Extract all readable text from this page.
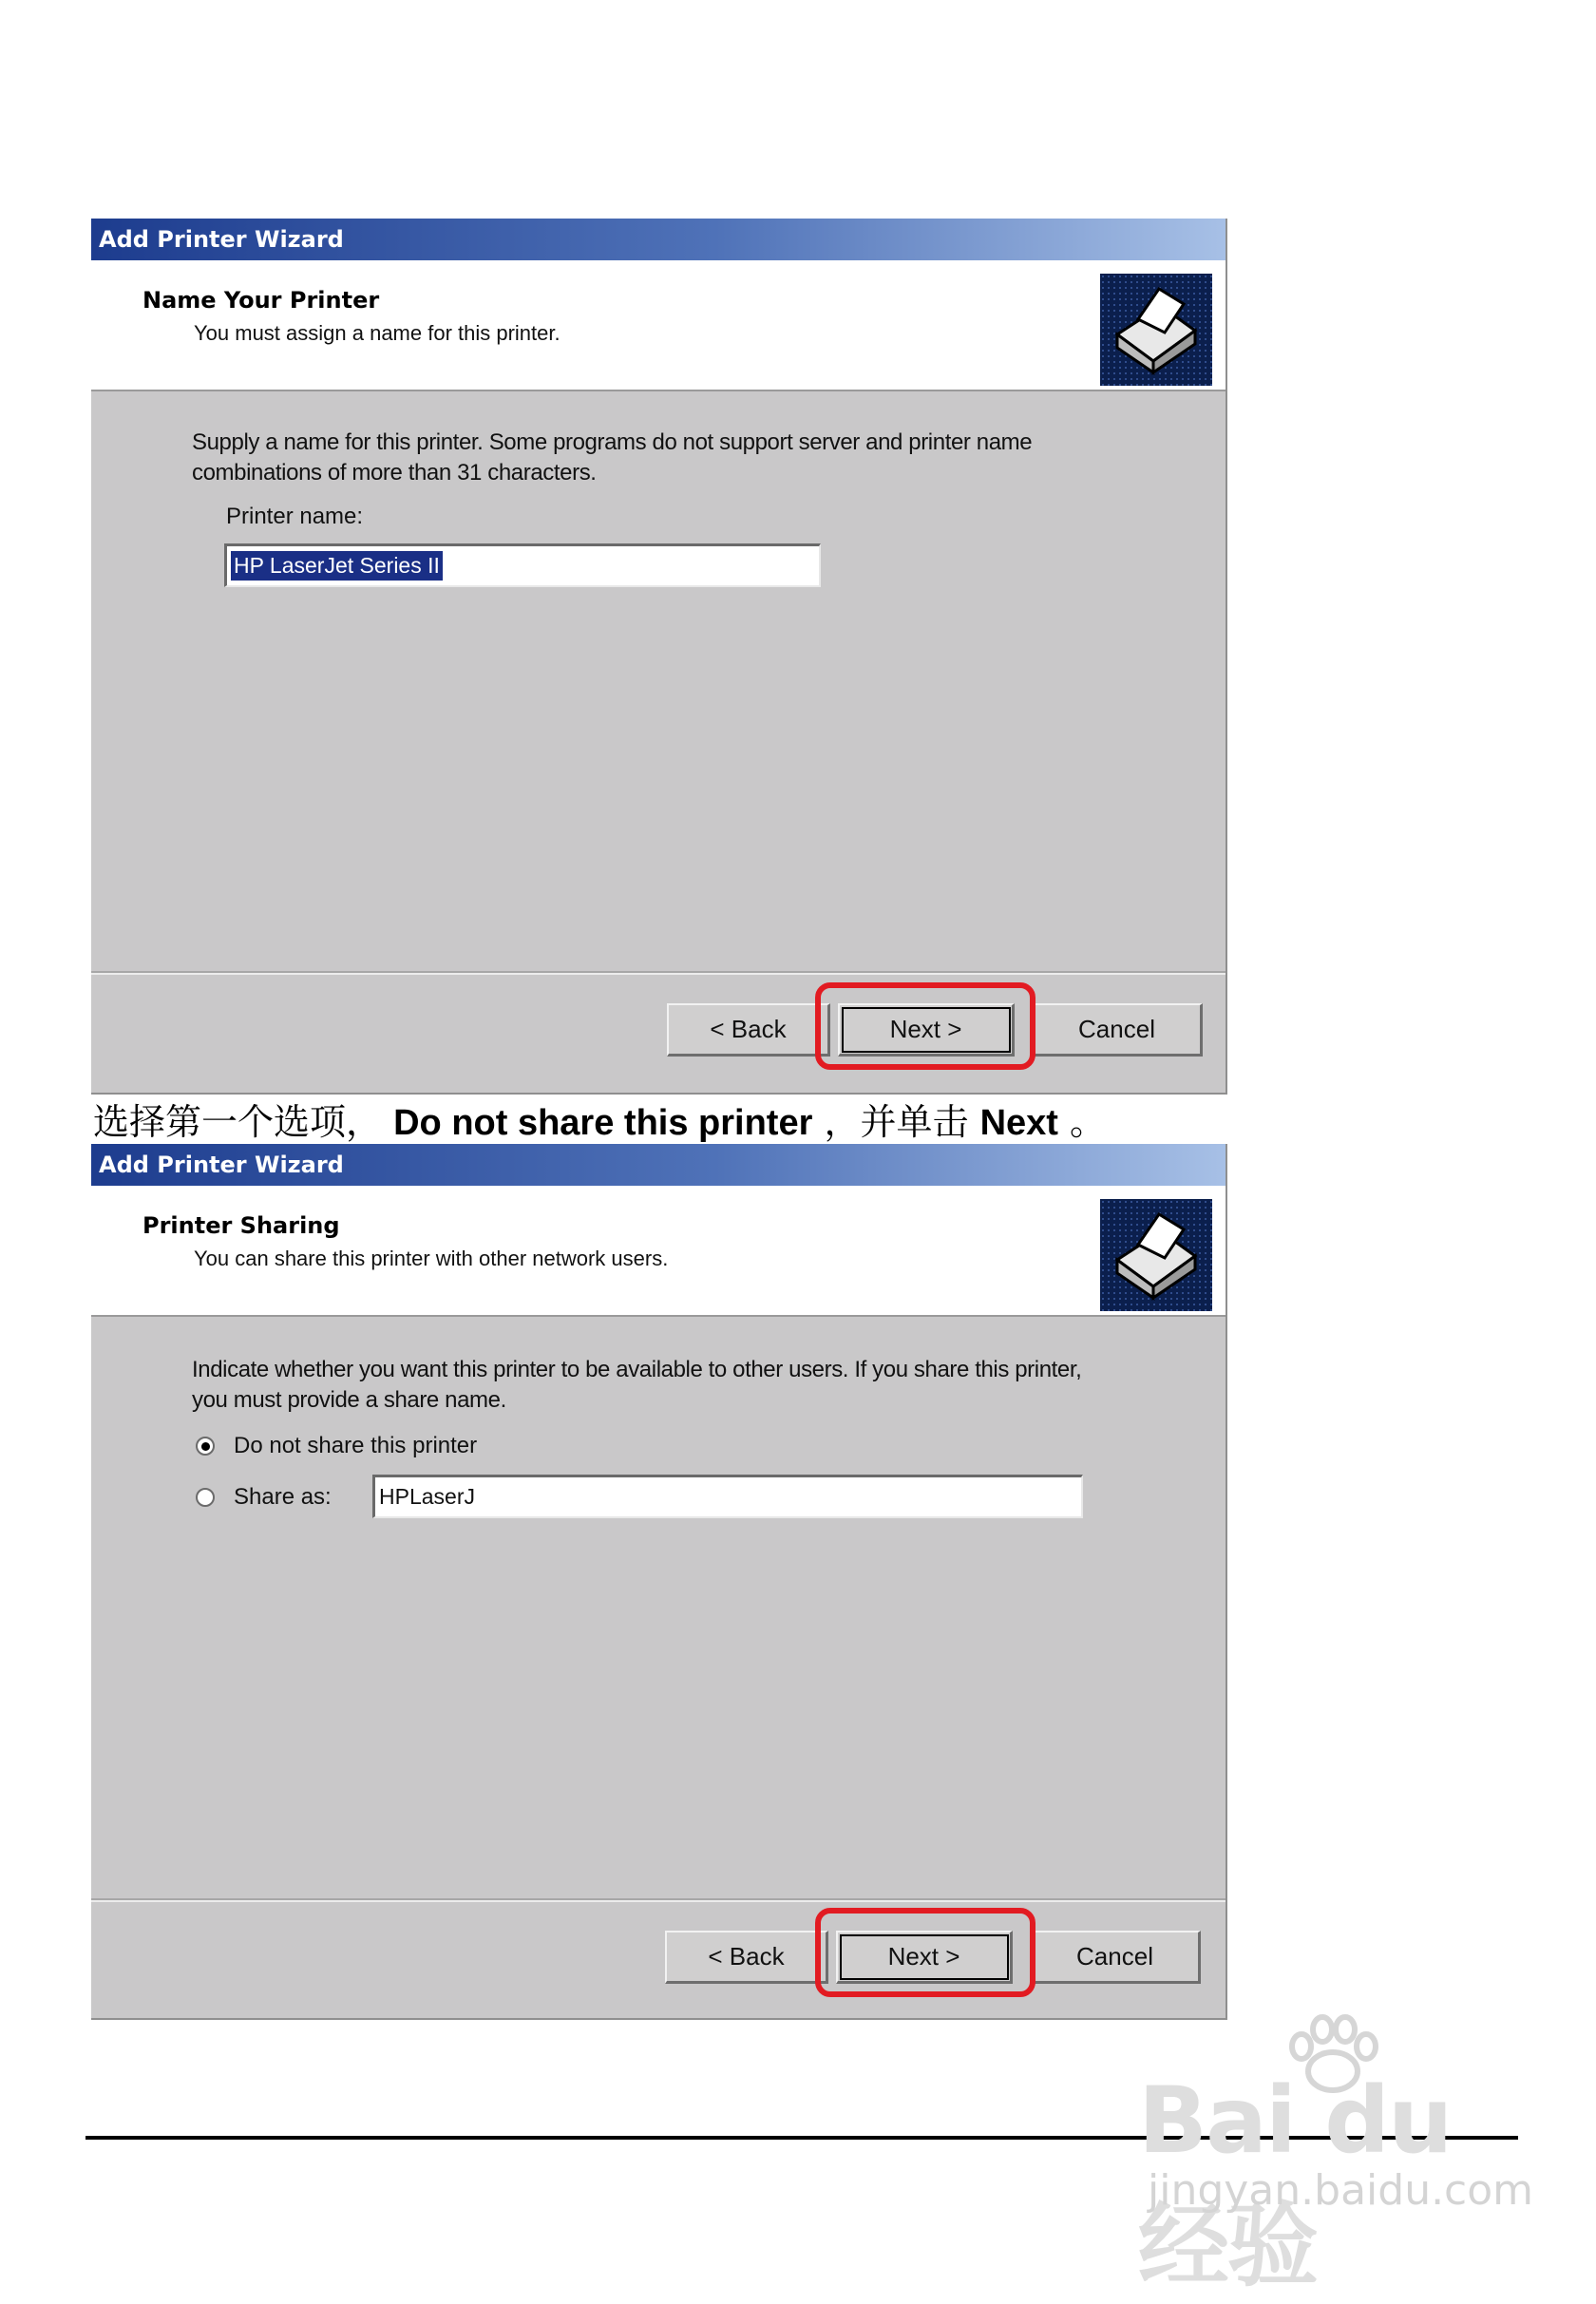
Add Printer Wizard
Name Your Printer
You must assign a name for this printer.
Supply a name for this printer. Some programs do not support server and printer name combinations of more than 31 characters.
Printer name:
HP LaserJet Series II
< Back	Next >	Cancel
选择第一个选项， Do not share this printer ，并单击 Next 。
Add Printer Wizard
Printer Sharing
You can share this printer with other network users.
Indicate whether you want this printer to be available to other users. If you share this printer, you must provide a share name.
Do not share this printer
Share as: HPLaserJ
< Back	Next >	Cancel
Bai du 经验
jingyan.baidu.com
